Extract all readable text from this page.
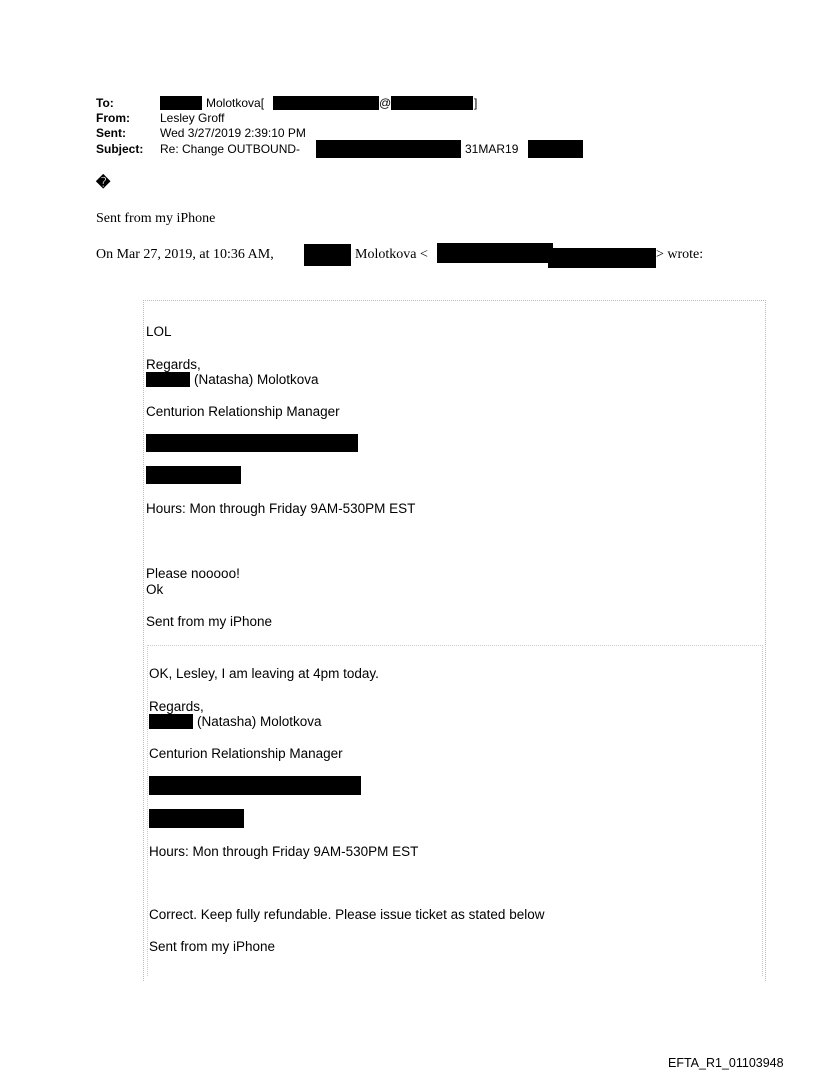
To:	Molotkova[	@	]
From:	Lesley Groff
Sent:	Wed 3/27/2019 2:39:10 PM
Subject: Re: Change OUTBOUND-	31MAR19
�
Sent from my iPhone
On Mar 27, 2019, at 10:36 AM,	Molotkova <	> wrote:
LOL
Regards,
(Natasha) Molotkova
Centurion Relationship Manager
Hours: Mon through Friday 9AM-530PM EST
Please nooooo!
Ok
Sent from my iPhone
OK, Lesley, I am leaving at 4pm today.
Regards,
(Natasha) Molotkova
Centurion Relationship Manager
Hours: Mon through Friday 9AM-530PM EST
Correct. Keep fully refundable. Please issue ticket as stated below
Sent from my iPhone
EFTA_R1_01103948
